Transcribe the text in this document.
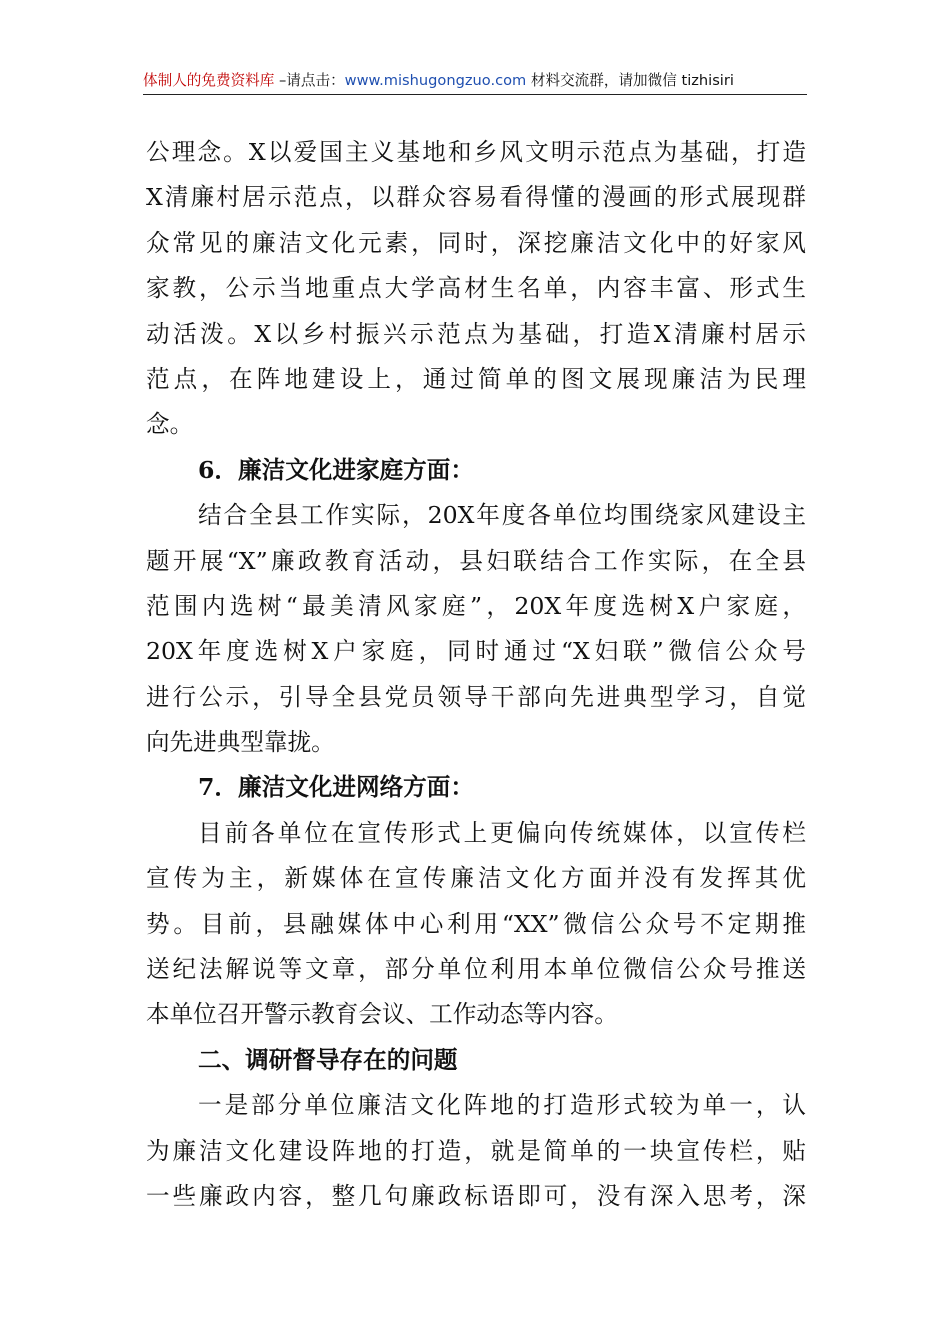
体制人的免费资料库 –请点击：www.mishugongzuo.com 材料交流群，请加微信 tizhisiri
公理念。X以爱国主义基地和乡风文明示范点为基础，打造
X清廉村居示范点，以群众容易看得懂的漫画的形式展现群
众常见的廉洁文化元素，同时，深挖廉洁文化中的好家风
家教，公示当地重点大学高材生名单，内容丰富、形式生
动活泼。X以乡村振兴示范点为基础，打造X清廉村居示
范点，在阵地建设上，通过简单的图文展现廉洁为民理
念。
6．廉洁文化进家庭方面：
结合全县工作实际，20X年度各单位均围绕家风建设主
题开展“X”廉政教育活动，县妇联结合工作实际，在全县
范围内选树“最美清风家庭”，20X年度选树X户家庭，
20X年度选树X户家庭，同时通过“X妇联”微信公众号
进行公示，引导全县党员领导干部向先进典型学习，自觉
向先进典型靠拢。
7．廉洁文化进网络方面：
目前各单位在宣传形式上更偏向传统媒体，以宣传栏
宣传为主，新媒体在宣传廉洁文化方面并没有发挥其优
势。目前，县融媒体中心利用“XX”微信公众号不定期推
送纪法解说等文章，部分单位利用本单位微信公众号推送
本单位召开警示教育会议、工作动态等内容。
二、调研督导存在的问题
一是部分单位廉洁文化阵地的打造形式较为单一，认
为廉洁文化建设阵地的打造，就是简单的一块宣传栏，贴
一些廉政内容，整几句廉政标语即可，没有深入思考，深
